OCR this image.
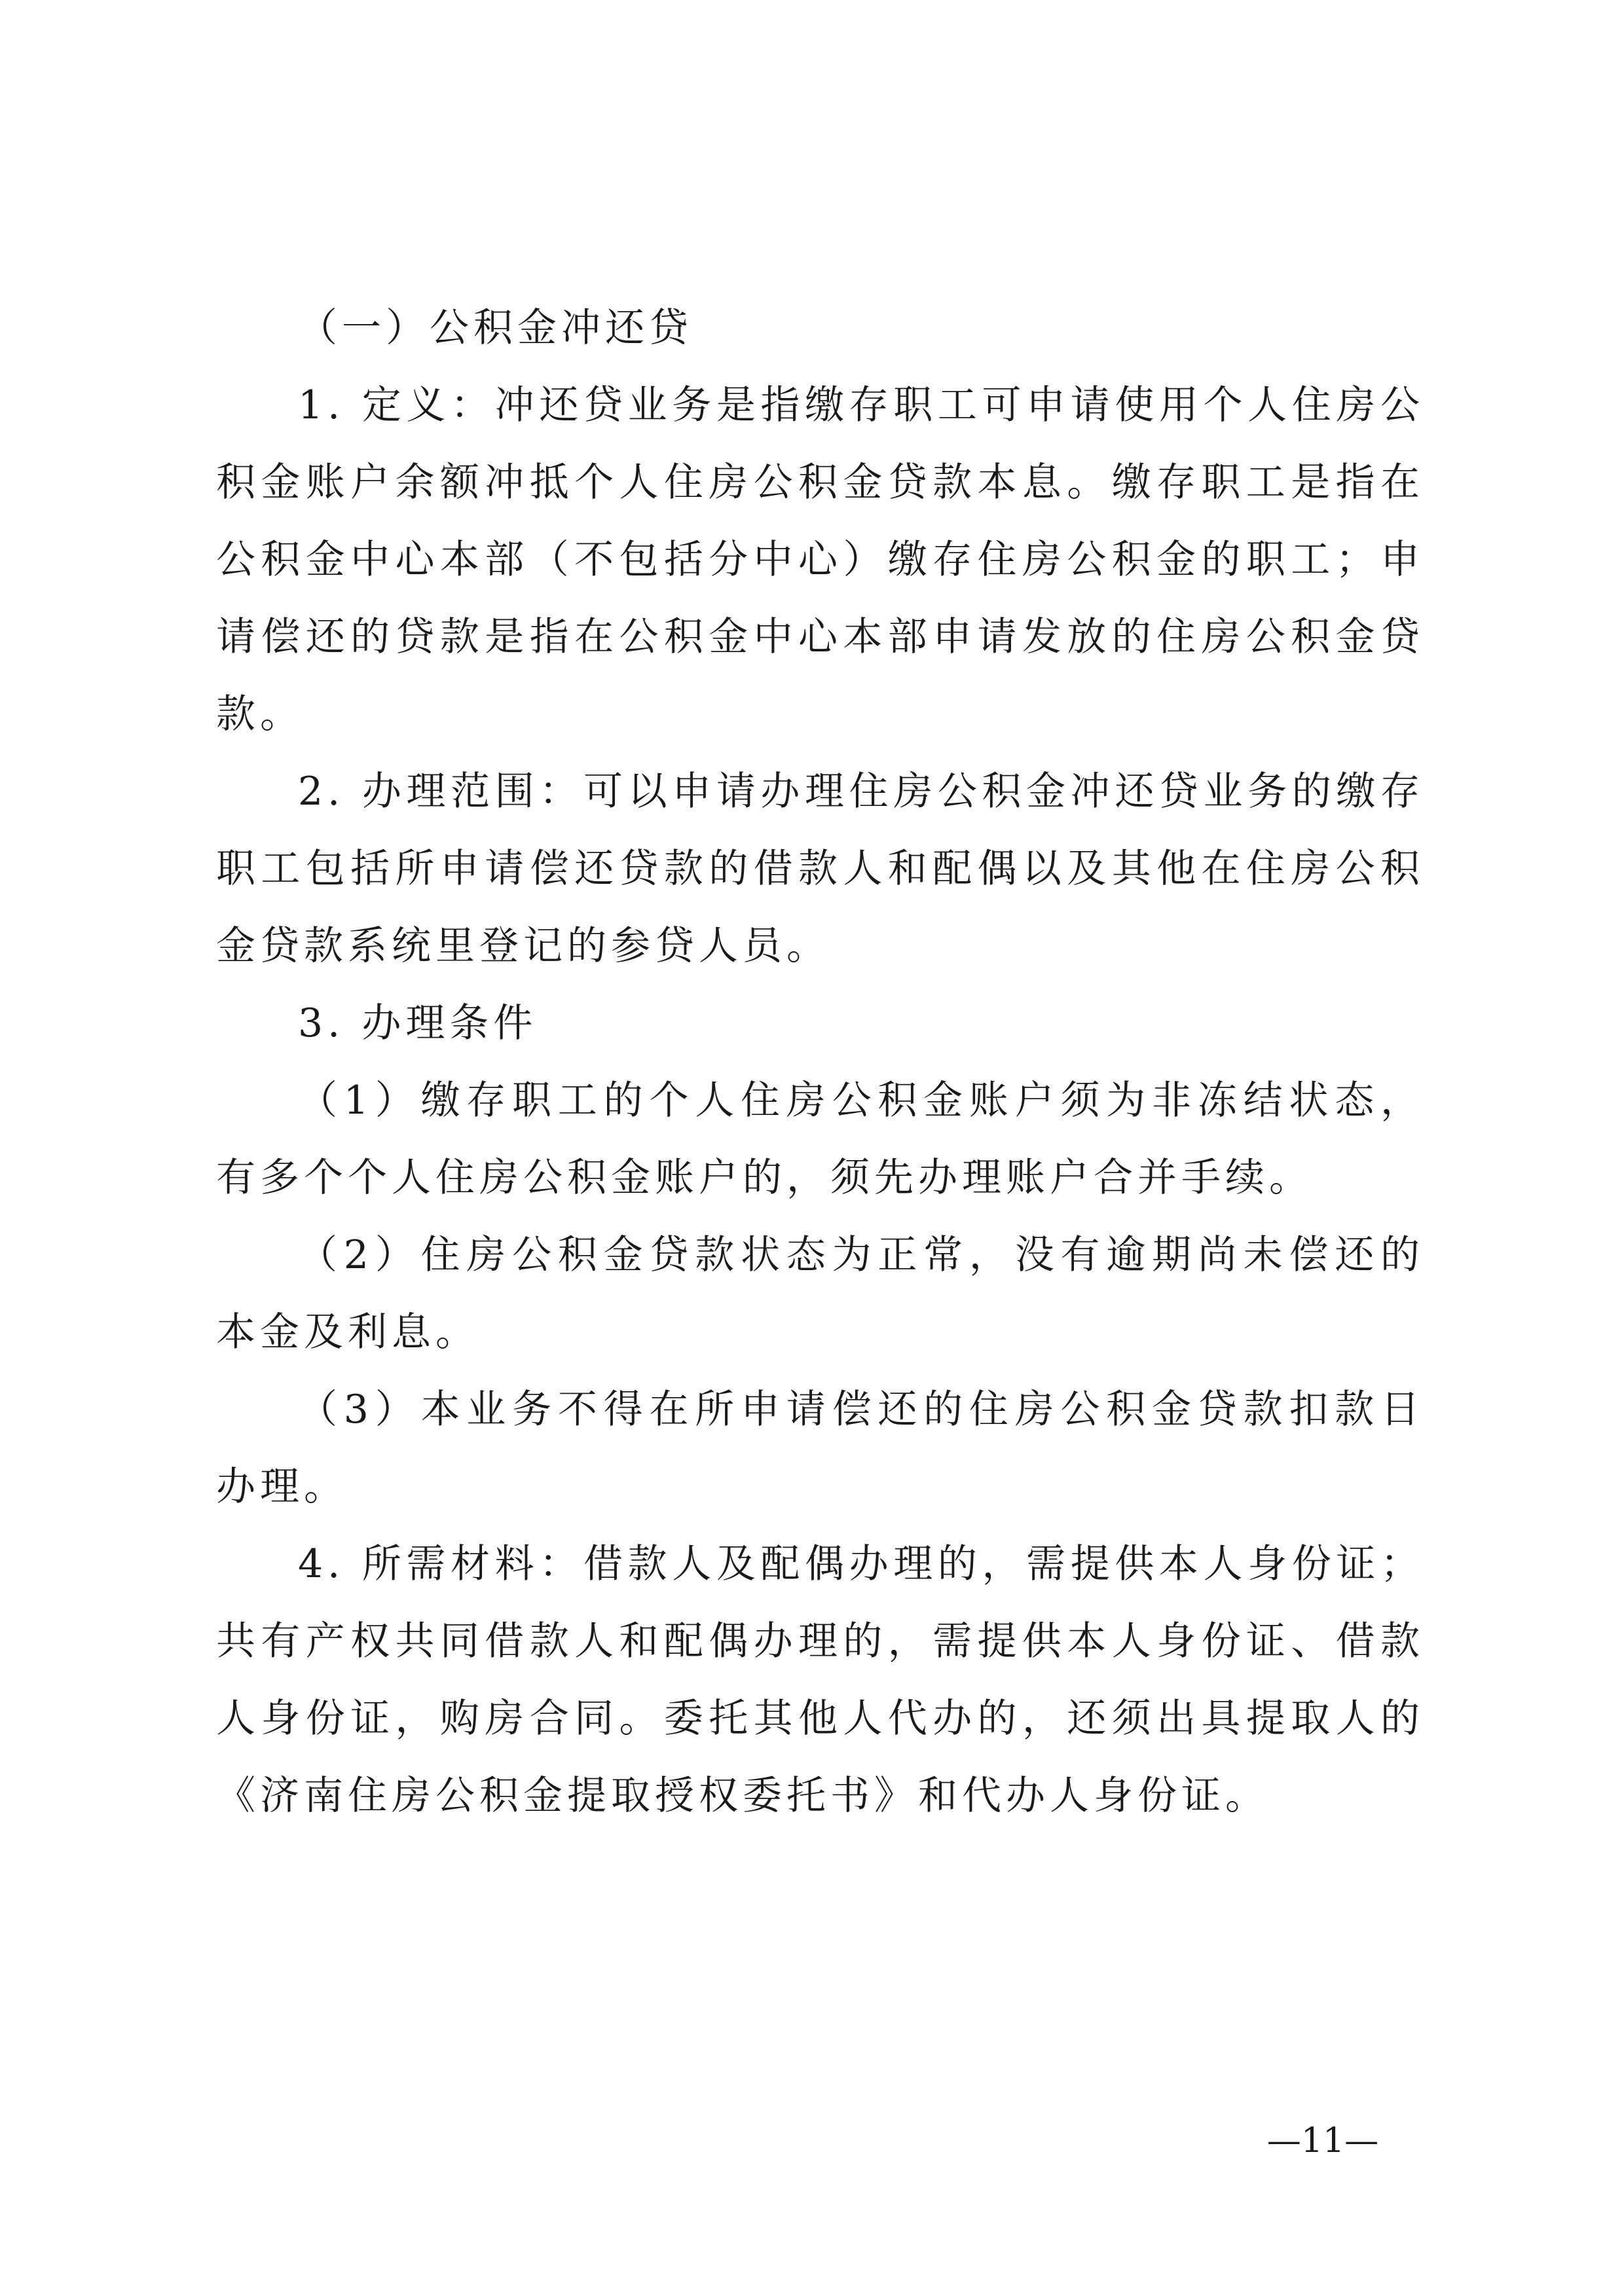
（一）公积金冲还贷

1. 定义：冲还贷业务是指缴存职工可申请使用个人住房公积金账户余额冲抵个人住房公积金贷款本息。缴存职工是指在公积金中心本部（不包括分中心）缴存住房公积金的职工；申请偿还的贷款是指在公积金中心本部申请发放的住房公积金贷款。

2. 办理范围：可以申请办理住房公积金冲还贷业务的缴存职工包括所申请偿还贷款的借款人和配偶以及其他在住房公积金贷款系统里登记的参贷人员。

3. 办理条件

（1）缴存职工的个人住房公积金账户须为非冻结状态，有多个个人住房公积金账户的，须先办理账户合并手续。

（2）住房公积金贷款状态为正常，没有逾期尚未偿还的本金及利息。

（3）本业务不得在所申请偿还的住房公积金贷款扣款日办理。

4. 所需材料：借款人及配偶办理的，需提供本人身份证；共有产权共同借款人和配偶办理的，需提供本人身份证、借款人身份证，购房合同。委托其他人代办的，还须出具提取人的《济南住房公积金提取授权委托书》和代办人身份证。

—11—
